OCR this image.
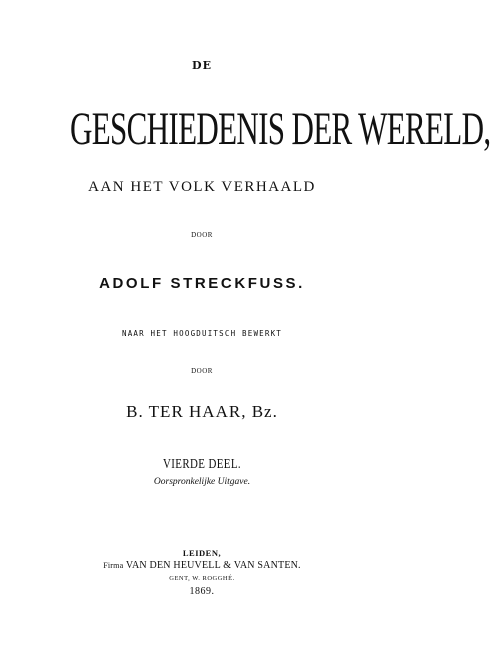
DE
GESCHIEDENIS DER WERELD,
AAN HET VOLK VERHAALD
DOOR
ADOLF STRECKFUSS.
NAAR HET HOOGDUITSCH BEWERKT
DOOR
B. TER HAAR, Bz.
VIERDE DEEL.
Oorspronkelijke Uitgave.
LEIDEN,
Firma VAN DEN HEUVELL & VAN SANTEN.
GENT, W. ROGGHÉ.
1869.
